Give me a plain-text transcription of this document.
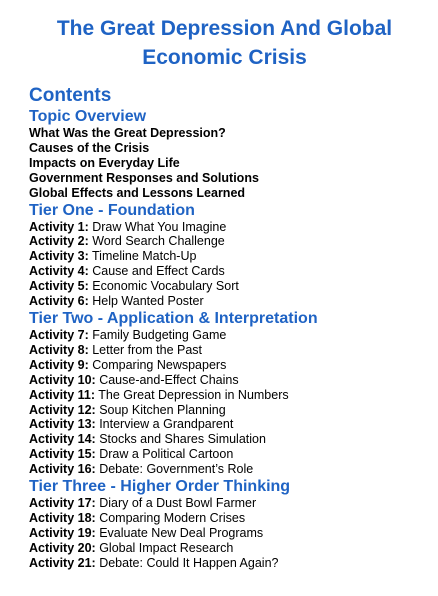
The Great Depression And Global
Economic Crisis
Contents
Topic Overview
What Was the Great Depression?
Causes of the Crisis
Impacts on Everyday Life
Government Responses and Solutions
Global Effects and Lessons Learned
Tier One - Foundation
Activity 1: Draw What You Imagine
Activity 2: Word Search Challenge
Activity 3: Timeline Match-Up
Activity 4: Cause and Effect Cards
Activity 5: Economic Vocabulary Sort
Activity 6: Help Wanted Poster
Tier Two - Application & Interpretation
Activity 7: Family Budgeting Game
Activity 8: Letter from the Past
Activity 9: Comparing Newspapers
Activity 10: Cause-and-Effect Chains
Activity 11: The Great Depression in Numbers
Activity 12: Soup Kitchen Planning
Activity 13: Interview a Grandparent
Activity 14: Stocks and Shares Simulation
Activity 15: Draw a Political Cartoon
Activity 16: Debate: Government’s Role
Tier Three - Higher Order Thinking
Activity 17: Diary of a Dust Bowl Farmer
Activity 18: Comparing Modern Crises
Activity 19: Evaluate New Deal Programs
Activity 20: Global Impact Research
Activity 21: Debate: Could It Happen Again?
